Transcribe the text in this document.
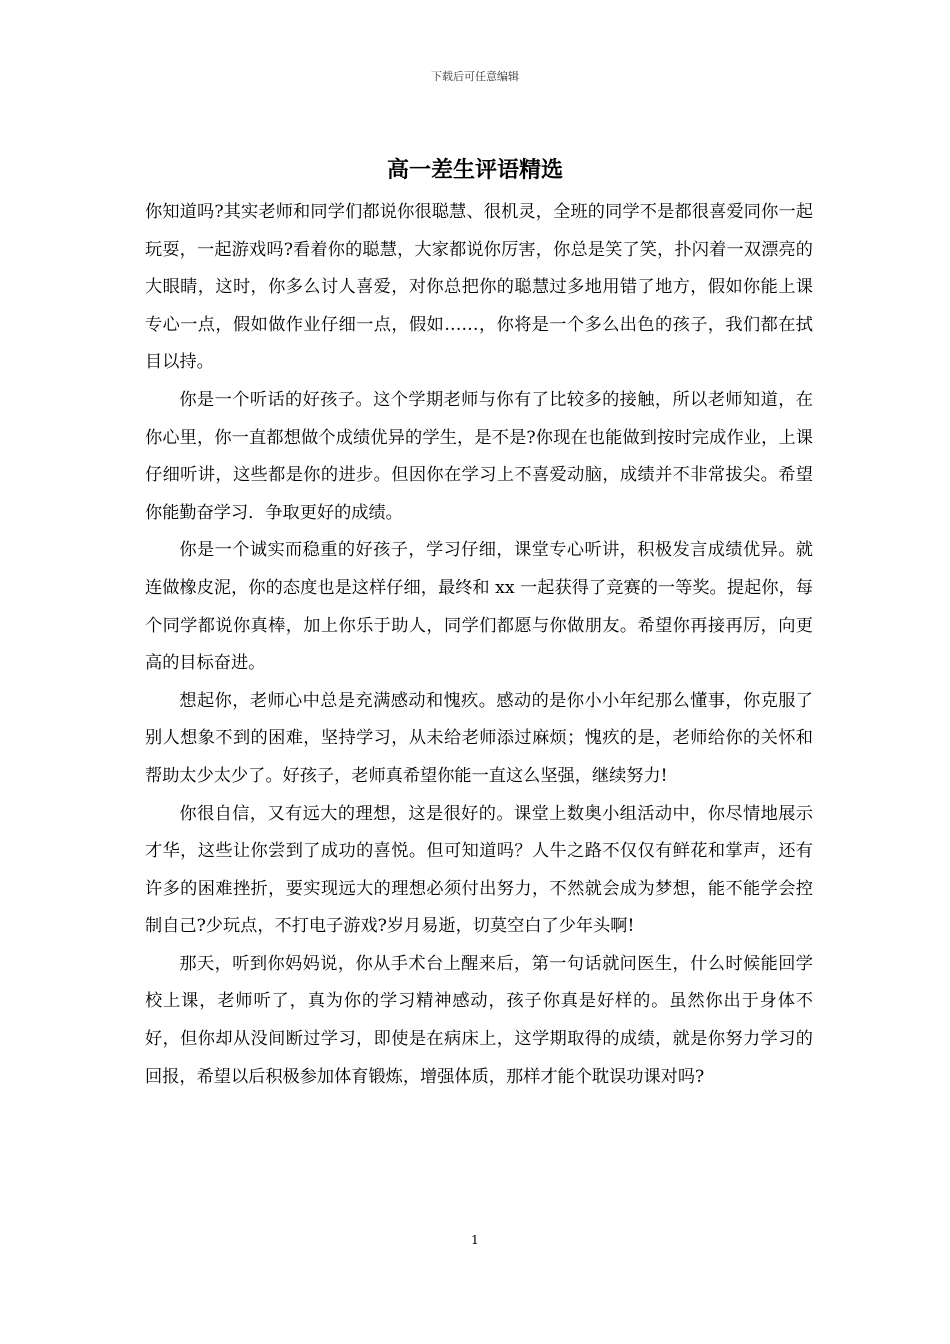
下载后可任意编辑
高一差生评语精选

你知道吗?其实老师和同学们都说你很聪慧、很机灵，全班的同学不是都很喜爱同你一起玩耍，一起游戏吗?看着你的聪慧，大家都说你厉害，你总是笑了笑，扑闪着一双漂亮的大眼睛，这时，你多么讨人喜爱，对你总把你的聪慧过多地用错了地方，假如你能上课专心一点，假如做作业仔细一点，假如……，你将是一个多么出色的孩子，我们都在拭目以持。

你是一个听话的好孩子。这个学期老师与你有了比较多的接触，所以老师知道，在你心里，你一直都想做个成绩优异的学生，是不是?你现在也能做到按时完成作业，上课仔细听讲，这些都是你的进步。但因你在学习上不喜爱动脑，成绩并不非常拔尖。希望你能勤奋学习．争取更好的成绩。

你是一个诚实而稳重的好孩子，学习仔细，课堂专心听讲，积极发言成绩优异。就连做橡皮泥，你的态度也是这样仔细，最终和 xx 一起获得了竞赛的一等奖。提起你，每个同学都说你真棒，加上你乐于助人，同学们都愿与你做朋友。希望你再接再厉，向更高的目标奋进。

想起你，老师心中总是充满感动和愧疚。感动的是你小小年纪那么懂事，你克服了别人想象不到的困难，坚持学习，从未给老师添过麻烦；愧疚的是，老师给你的关怀和帮助太少太少了。好孩子，老师真希望你能一直这么坚强，继续努力!

你很自信，又有远大的理想，这是很好的。课堂上数奥小组活动中，你尽情地展示才华，这些让你尝到了成功的喜悦。但可知道吗？人牛之路不仅仅有鲜花和掌声，还有许多的困难挫折，要实现远大的理想必须付出努力，不然就会成为梦想，能不能学会控制自己?少玩点，不打电子游戏?岁月易逝，切莫空白了少年头啊!

那天，听到你妈妈说，你从手术台上醒来后，第一句话就问医生，什么时候能回学校上课，老师听了，真为你的学习精神感动，孩子你真是好样的。虽然你出于身体不好，但你却从没间断过学习，即使是在病床上，这学期取得的成绩，就是你努力学习的回报，希望以后积极参加体育锻炼，增强体质，那样才能个耽误功课对吗?

1
